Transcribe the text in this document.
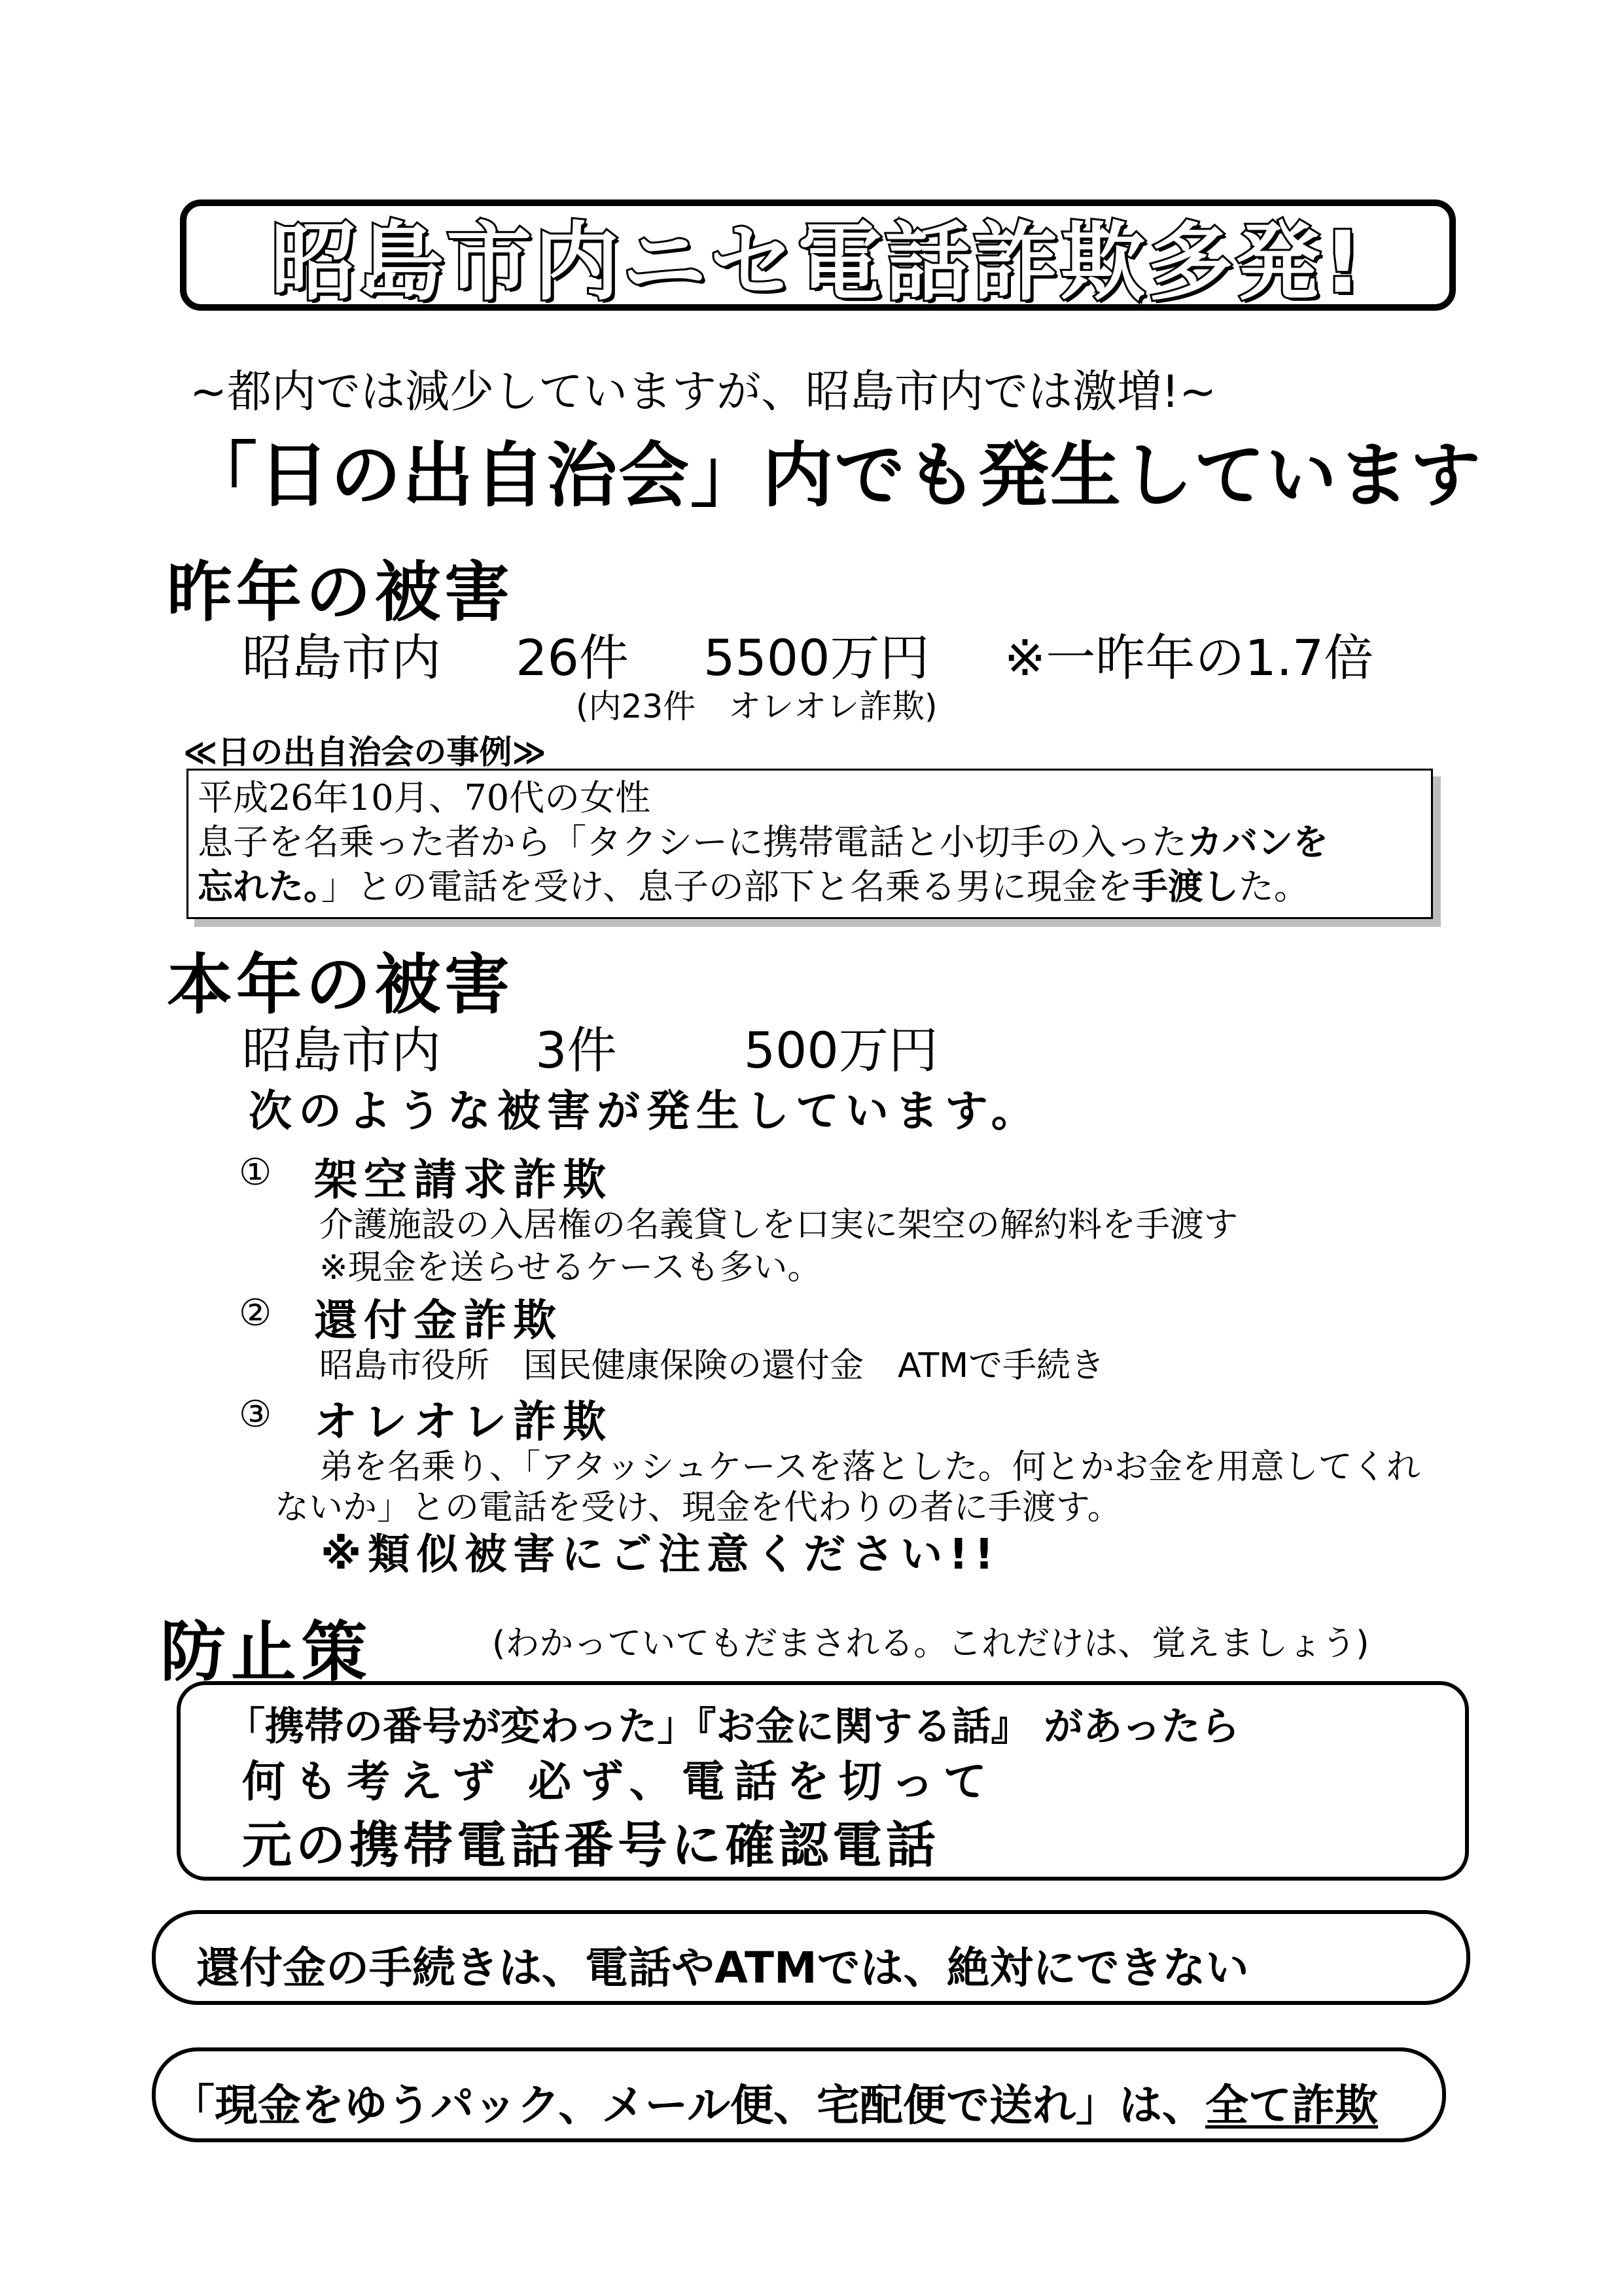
昭島市内ニセ電話詐欺多発!
~都内では減少していますが、昭島市内では激増!~
「日の出自治会」内でも発生しています
昨年の被害
昭島市内 26件 5500万円 ※一昨年の1.7倍
(内23件　オレオレ詐欺)
≪日の出自治会の事例≫
平成26年10月、70代の女性
息子を名乗った者から「タクシーに携帯電話と小切手の入ったカバンを
忘れた。」との電話を受け、息子の部下と名乗る男に現金を手渡した。
本年の被害
昭島市内 3件	500万円
次のような被害が発生しています。
① 架空請求詐欺
介護施設の入居権の名義貸しを口実に架空の解約料を手渡す
※現金を送らせるケースも多い。
② 還付金詐欺
昭島市役所　国民健康保険の還付金　ATMで手続き
③ オレオレ詐欺
弟を名乗り、「アタッシュケースを落とした。何とかお金を用意してくれ
ないか」との電話を受け、現金を代わりの者に手渡す。
※類似被害にご注意ください!!
防止策	(わかっていてもだまされる。これだけは、覚えましょう)
「携帯の番号が変わった」『お金に関する話』 があったら
何も考えず 必ず、電話を切って
元の携帯電話番号に確認電話
還付金の手続きは、電話やATMでは、絶対にできない
「現金をゆうパック、メール便、宅配便で送れ」は、全て詐欺
